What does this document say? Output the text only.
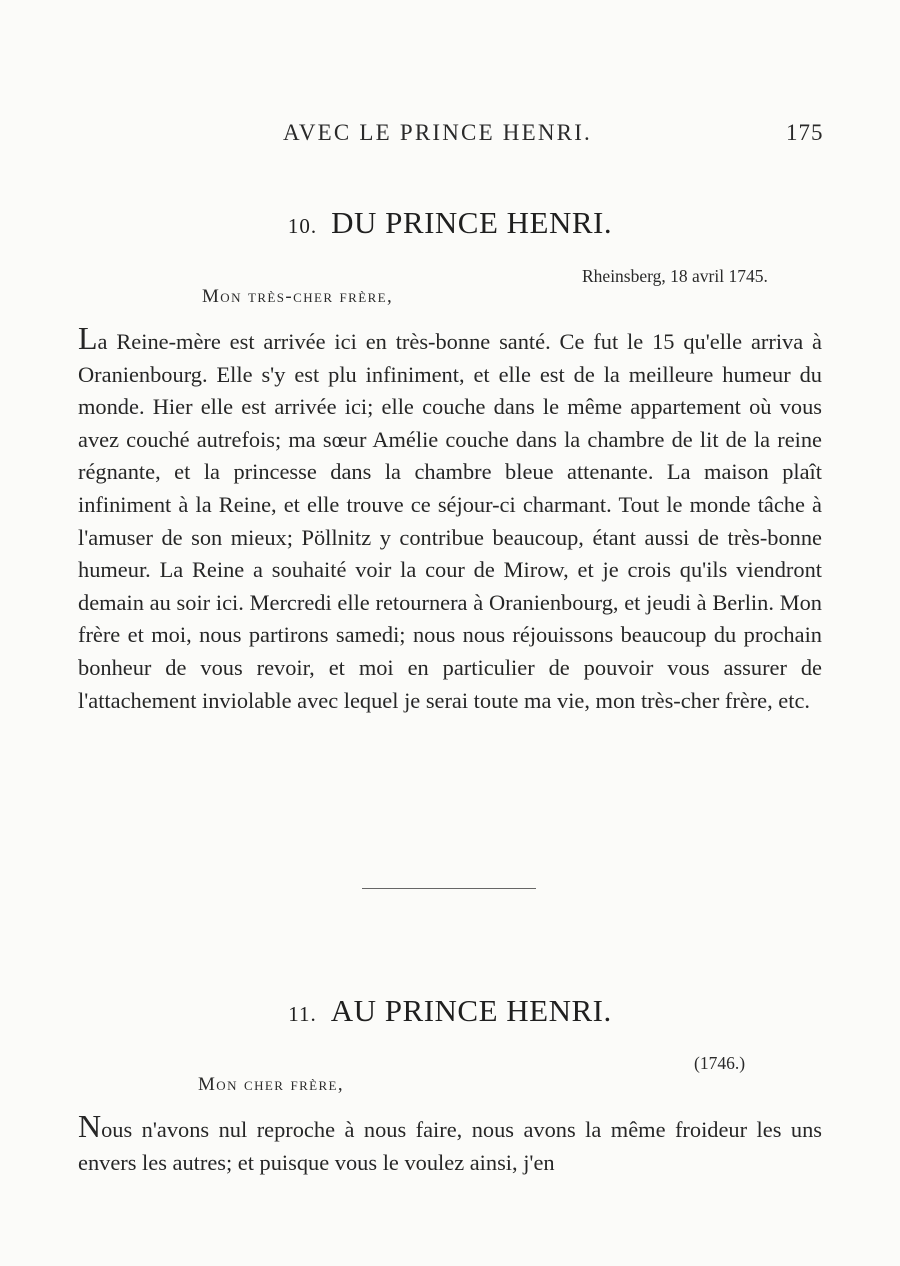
AVEC LE PRINCE HENRI.	175
10. DU PRINCE HENRI.
Rheinsberg, 18 avril 1745.
Mon très-cher frère,

La Reine-mère est arrivée ici en très-bonne santé. Ce fut le 15 qu'elle arriva à Oranienbourg. Elle s'y est plu infiniment, et elle est de la meilleure humeur du monde. Hier elle est arrivée ici; elle couche dans le même appartement où vous avez couché autrefois; ma sœur Amélie couche dans la chambre de lit de la reine régnante, et la princesse dans la chambre bleue attenante. La maison plaît infiniment à la Reine, et elle trouve ce séjour-ci charmant. Tout le monde tâche à l'amuser de son mieux; Pöllnitz y contribue beaucoup, étant aussi de très-bonne humeur. La Reine a souhaité voir la cour de Mirow, et je crois qu'ils viendront demain au soir ici. Mercredi elle retournera à Oranienbourg, et jeudi à Berlin. Mon frère et moi, nous partirons samedi; nous nous réjouissons beaucoup du prochain bonheur de vous revoir, et moi en particulier de pouvoir vous assurer de l'attachement inviolable avec lequel je serai toute ma vie, mon très-cher frère, etc.

11. AU PRINCE HENRI.
(1746.)
Mon cher frère,

Nous n'avons nul reproche à nous faire, nous avons la même froideur les uns envers les autres; et puisque vous le voulez ainsi, j'en
